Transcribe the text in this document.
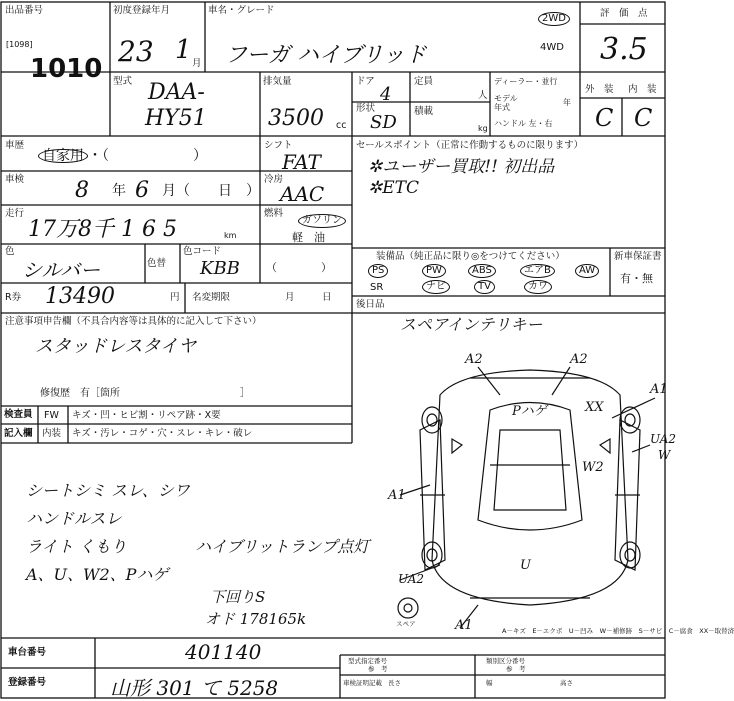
出品番号
[1098]
1010
初度登録年月
23 1 月
車名・グレード
フーガ ハイブリッド
2WD
4WD
評　価　点
3.5
型式 DAA-
HY51
排気量
3500 cc
ドア
4
定員
人
形状
SD
積載
kg
ディーラー・並行
モデル
年式
年
ハンドル 左・右
外　装 内　装
C C
車歴
自家用 ・（　　　　　　）
車検 8 年 6 月（　　日　）
走行
17万8千 1 6 5	km
色
シルバー	色替
色コード
KBB
R券 13490	円 名変期限	月	日
シフト
FAT
冷房
AAC
燃料
ガソリン
軽　油
（　　　　）
セールスポイント（正常に作動するものに限ります）
✲ユーザー買取!! 初出品
✲ETC
装備品（純正品に限り◎をつけてください）	新車保証書
有・無
PS	PW	ABS	エアB	AW
SR	ナビ	TV	カワ
後日品
スペアインテリキー
注意事項申告欄（不具合内容等は具体的に記入して下さい）
スタッドレスタイヤ
修復歴　有［箇所　　　　　　　　　　　　］
検査員
記入欄
FW キズ・凹・ヒビ割・リペア跡・X要
内装 キズ・汚レ・コゲ・穴・スレ・キレ・破レ
シートシミ スレ、シワ
ハンドルスレ
ライト くもり
A、U、W2、Pハゲ
ハイブリットランプ点灯
下回りS
オド 178165k
A2	A2
A1
Pハゲ	XX
UA2
W
W2
A1
U
UA2
A1
スペア
A－キズ　E－エクボ　U－凹み　W－補修跡　S－サビ　C－腐食　XX－取替済
車台番号	401140
登録番号	山形 301 て 5258
型式指定番号
参　考
類別区分番号
参　考
車検証明記載 長さ	幅	高さ
